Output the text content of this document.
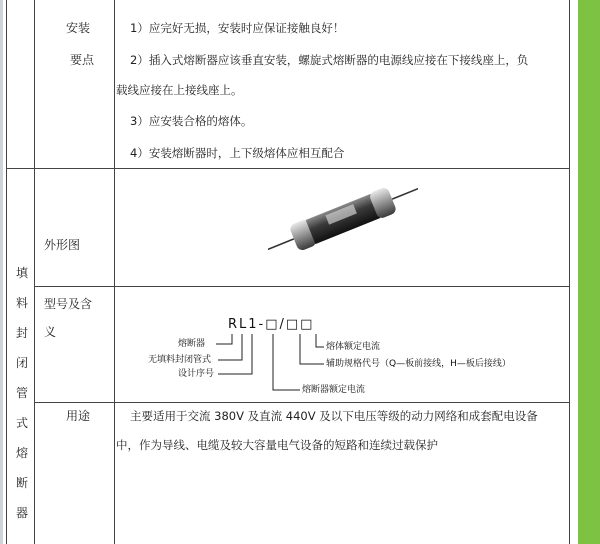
填
料
封
闭
管
式
熔
断
器
安装
要点
1）应完好无损，安装时应保证接触良好！
2）插入式熔断器应该垂直安装，螺旋式熔断器的电源线应接在下接线座上，负
载线应接在上接线座上。
3）应安装合格的熔体。
4）安装熔断器时，上下级熔体应相互配合
外形图
型号及含
义	RL1-□/□□
熔断器
无填料封闭管式
设计序号
熔体额定电流
辅助规格代号（Q—板前接线，H—板后接线）
熔断器额定电流
用途	主要适用于交流 380V 及直流 440V 及以下电压等级的动力网络和成套配电设备
中，作为导线、电缆及较大容量电气设备的短路和连续过载保护
